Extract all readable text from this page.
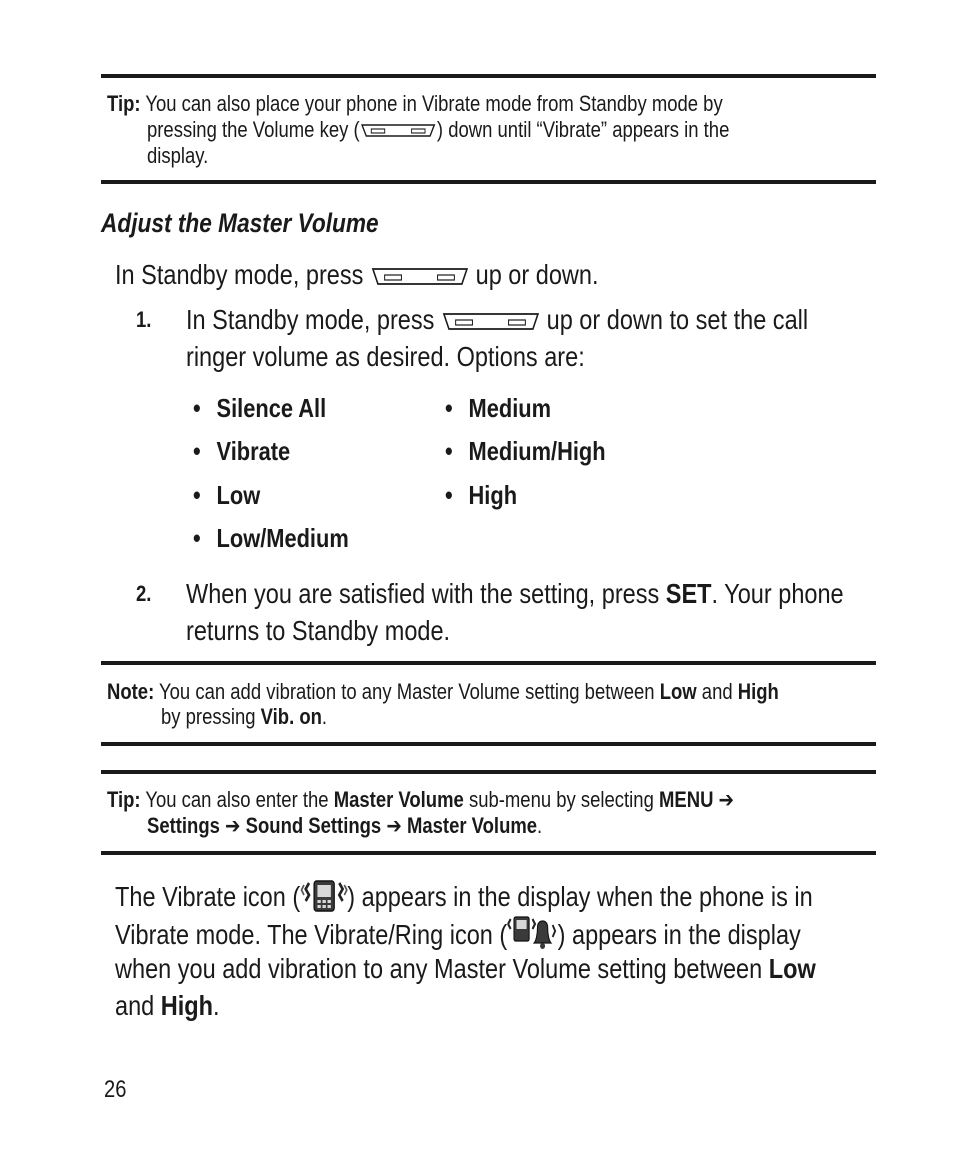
Tip: You can also place your phone in Vibrate mode from Standby mode by
pressing the Volume key (	) down until “Vibrate” appears in the
display.
Adjust the Master Volume
In Standby mode, press	up or down.
1. In Standby mode, press	up or down to set the call
ringer volume as desired. Options are:
• Silence All
• Vibrate
• Low
• Low/Medium
• Medium
• Medium/High
• High
2. When you are satisfied with the setting, press SET. Your phone
returns to Standby mode.
Note: You can add vibration to any Master Volume setting between Low and High
by pressing Vib. on.
Tip: You can also enter the Master Volume sub-menu by selecting MENU ➔
Settings ➔ Sound Settings ➔ Master Volume.
The Vibrate icon ( ) appears in the display when the phone is in
Vibrate mode. The Vibrate/Ring icon ( ) appears in the display
when you add vibration to any Master Volume setting between Low
and High.
26
